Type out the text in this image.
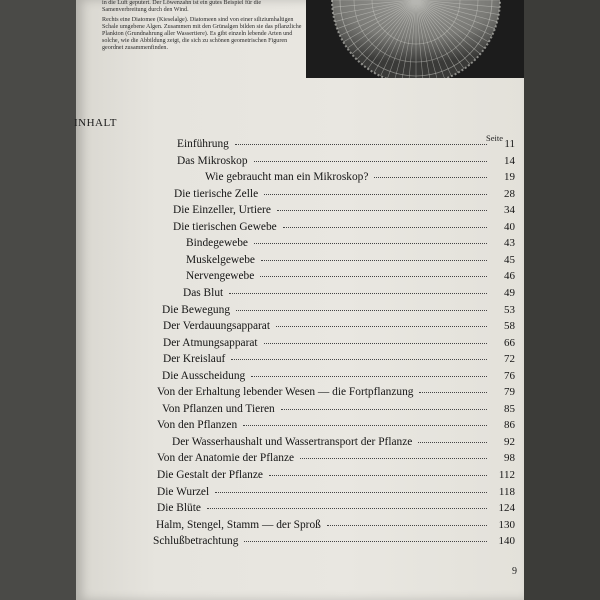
in die Luft geputert. Der Löwenzahn ist ein gutes Beispiel für die Samenverbreitung durch den Wind.

Rechts eine Diatomee (Kieselalge). Diatomeen sind von einer siliziumhaltigen Schale umgebene Algen. Zusammen mit den Grünalgen bilden sie das pflanzliche Plankton (Grundnahrung aller Wassertiere). Es gibt einzeln lebende Arten und solche, wie die Abbildung zeigt, die sich zu schönen geometrischen Figuren geordnet zusammenfinden.

INHALT
Seite
Einführung	11
Das Mikroskop	14
Wie gebraucht man ein Mikroskop?	19
Die tierische Zelle	28
Die Einzeller, Urtiere	34
Die tierischen Gewebe	40
Bindegewebe	43
Muskelgewebe	45
Nervengewebe	46
Das Blut	49
Die Bewegung	53
Der Verdauungsapparat	58
Der Atmungsapparat	66
Der Kreislauf	72
Die Ausscheidung	76
Von der Erhaltung lebender Wesen — die Fortpflanzung	79
Von Pflanzen und Tieren	85
Von den Pflanzen	86
Der Wasserhaushalt und Wassertransport der Pflanze	92
Von der Anatomie der Pflanze	98
Die Gestalt der Pflanze	112
Die Wurzel	118
Die Blüte	124
Halm, Stengel, Stamm — der Sproß	130
Schlußbetrachtung	140
9
